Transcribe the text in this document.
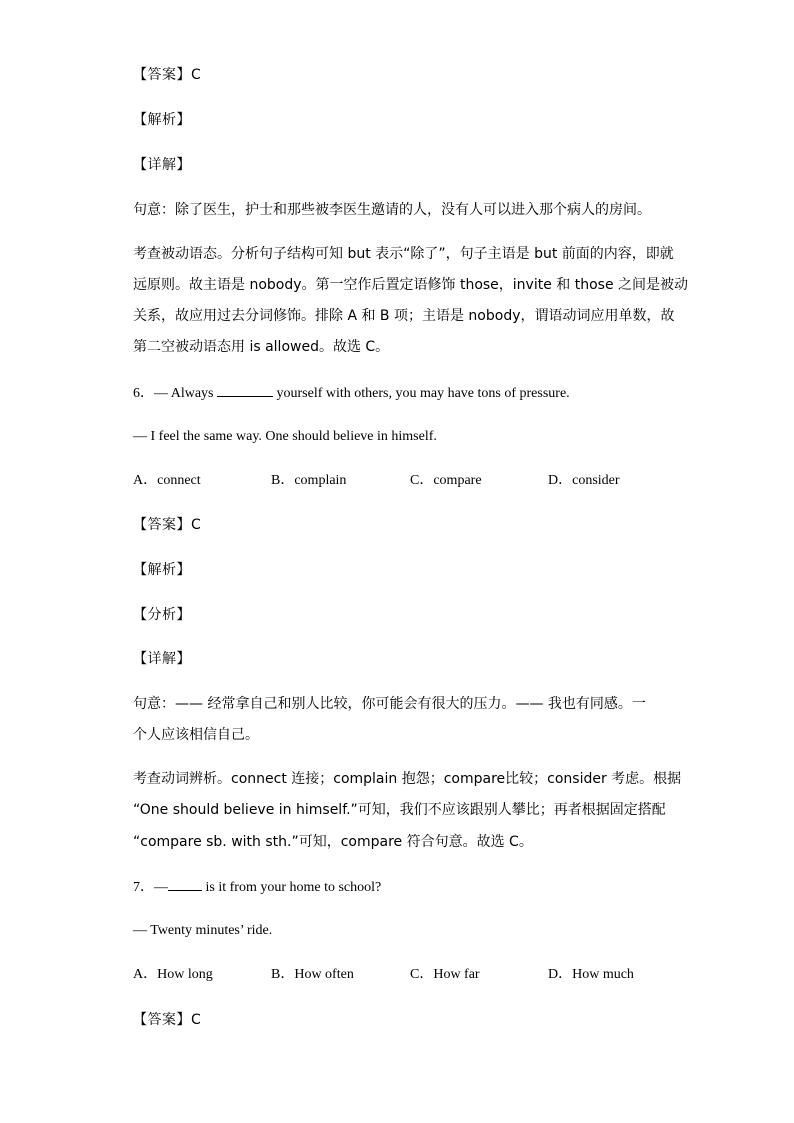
【答案】C
【解析】
【详解】
句意：除了医生，护士和那些被李医生邀请的人，没有人可以进入那个病人的房间。
考查被动语态。分析句子结构可知 but 表示“除了”，句子主语是 but 前面的内容，即就
远原则。故主语是 nobody。第一空作后置定语修饰 those，invite 和 those 之间是被动
关系，故应用过去分词修饰。排除 A 和 B 项；主语是 nobody，谓语动词应用单数，故
第二空被动语态用 is allowed。故选 C。
6．— Always	yourself with others, you may have tons of pressure.
— I feel the same way. One should believe in himself.
A．connect	B．complain	C．compare	D．consider
【答案】C
【解析】
【分析】
【详解】
句意：—— 经常拿自己和别人比较，你可能会有很大的压力。—— 我也有同感。一
个人应该相信自己。
考查动词辨析。connect 连接；complain 抱怨；compare比较；consider 考虑。根据
“One should believe in himself.”可知，我们不应该跟别人攀比；再者根据固定搭配
“compare sb. with sth.”可知，compare 符合句意。故选 C。
7．— is it from your home to school?
— Twenty minutes’ ride.
A．How long	B．How often	C．How far	D．How much
【答案】C
